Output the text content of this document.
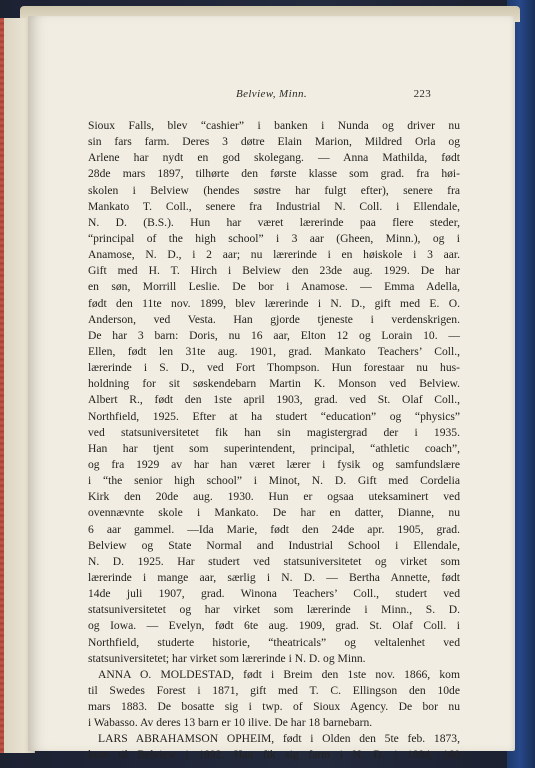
Belview, Minn.	223
Sioux Falls, blev “cashier” i banken i Nunda og driver nu
sin fars farm. Deres 3 døtre Elain Marion, Mildred Orla og
Arlene har nydt en god skolegang. — Anna Mathilda, født
28de mars 1897, tilhørte den første klasse som grad. fra høi-
skolen i Belview (hendes søstre har fulgt efter), senere fra
Mankato T. Coll., senere fra Industrial N. Coll. i Ellendale,
N. D. (B.S.). Hun har været lærerinde paa flere steder,
“principal of the high school” i 3 aar (Gheen, Minn.), og i
Anamose, N. D., i 2 aar; nu lærerinde i en høiskole i 3 aar.
Gift med H. T. Hirch i Belview den 23de aug. 1929. De har
en søn, Morrill Leslie. De bor i Anamose. — Emma Adella,
født den 11te nov. 1899, blev lærerinde i N. D., gift med E. O.
Anderson, ved Vesta. Han gjorde tjeneste i verdenskrigen.
De har 3 barn: Doris, nu 16 aar, Elton 12 og Lorain 10. —
Ellen, født len 31te aug. 1901, grad. Mankato Teachers’ Coll.,
lærerinde i S. D., ved Fort Thompson. Hun forestaar nu hus-
holdning for sit søskendebarn Martin K. Monson ved Belview.
Albert R., født den 1ste april 1903, grad. ved St. Olaf Coll.,
Northfield, 1925. Efter at ha studert “education” og “physics”
ved statsuniversitetet fik han sin magistergrad der i 1935.
Han har tjent som superintendent, principal, “athletic coach”,
og fra 1929 av har han været lærer i fysik og samfundslære
i “the senior high school” i Minot, N. D. Gift med Cordelia
Kirk den 20de aug. 1930. Hun er ogsaa uteksaminert ved
ovennævnte skole i Mankato. De har en datter, Dianne, nu
6 aar gammel. —Ida Marie, født den 24de apr. 1905, grad.
Belview og State Normal and Industrial School i Ellendale,
N. D. 1925. Har studert ved statsuniversitetet og virket som
lærerinde i mange aar, særlig i N. D. — Bertha Annette, født
14de juli 1907, grad. Winona Teachers’ Coll., studert ved
statsuniversitetet og har virket som lærerinde i Minn., S. D.
og Iowa. — Evelyn, født 6te aug. 1909, grad. St. Olaf Coll. i
Northfield, studerte historie, “theatricals” og veltalenhet ved
statsuniversitetet; har virket som lærerinde i N. D. og Minn.
ANNA O. MOLDESTAD, født i Breim den 1ste nov. 1866, kom
til Swedes Forest i 1871, gift med T. C. Ellingson den 10de
mars 1883. De bosatte sig i twp. of Sioux Agency. De bor nu
i Wabasso. Av deres 13 barn er 10 ilive. De har 18 barnebarn.
LARS ABRAHAMSON OPHEIM, født i Olden den 5te feb. 1873,
kom til Belview i 1892. Han fik sig farm i N. D. i 1894, 160
